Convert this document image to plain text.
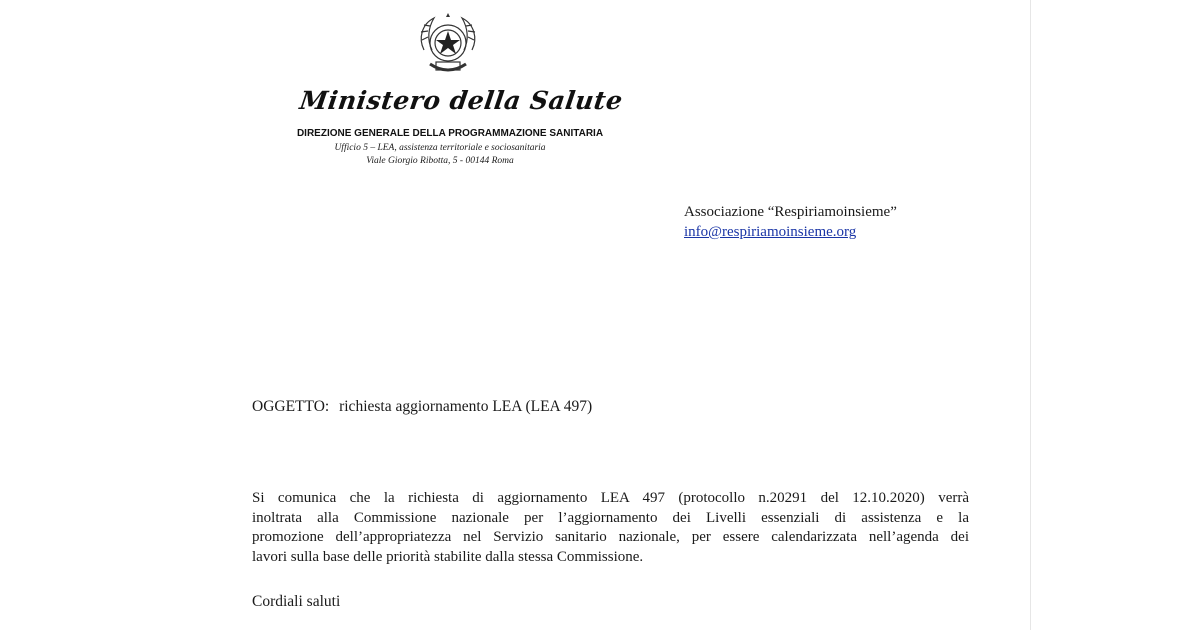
Ministero della Salute
DIREZIONE GENERALE DELLA PROGRAMMAZIONE SANITARIA
Ufficio 5 – LEA, assistenza territoriale e sociosanitaria
Viale Giorgio Ribotta, 5 - 00144 Roma
Associazione “Respiriamoinsieme”
info@respiriamoinsieme.org
OGGETTO: richiesta aggiornamento LEA (LEA 497)
Si comunica che la richiesta di aggiornamento LEA 497 (protocollo n.20291 del 12.10.2020) verrà
inoltrata alla Commissione nazionale per l’aggiornamento dei Livelli essenziali di assistenza e la
promozione dell’appropriatezza nel Servizio sanitario nazionale, per essere calendarizzata nell’agenda dei
lavori sulla base delle priorità stabilite dalla stessa Commissione.
Cordiali saluti
